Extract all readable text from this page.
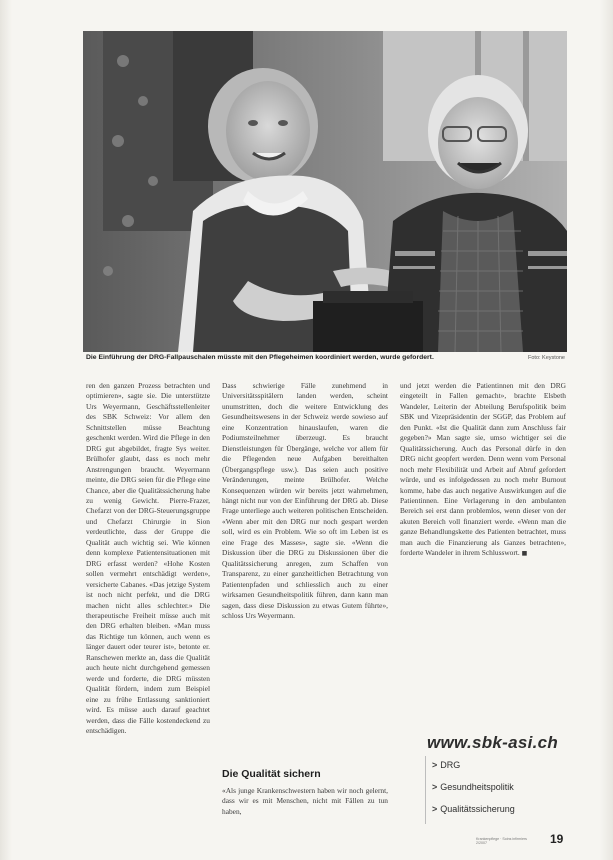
Die Einführung der DRG-Fallpauschalen müsste mit den Pflegeheimen koordiniert werden, wurde gefordert.	Foto: Keystone

ren den ganzen Prozess betrachten und optimieren», sagte sie. Die unterstützte Urs Weyermann, Geschäftsstellenleiter des SBK Schweiz: Vor allem den Schnittstellen müsse Beachtung geschenkt werden. Wird die Pflege in den DRG gut abgebildet, fragte Sys weiter. Brülhofer glaubt, dass es noch mehr Anstrengungen braucht. Weyermann meinte, die DRG seien für die Pflege eine Chance, aber die Qualitätssicherung habe zu wenig Gewicht. Pierre-Frazer, Chefarzt von der DRG-Steuerungsgruppe und Chefarzt Chirurgie in Sion verdeutlichte, dass der Gruppe die Qualität auch wichtig sei. Wie können denn komplexe Patientensituationen mit DRG erfasst werden? «Hohe Kosten sollen vermehrt entschädigt werden», versicherte Cabanes. «Das jetzige System ist noch nicht perfekt, und die DRG machen nicht alles schlechter.» Die therapeutische Freiheit müsse auch mit den DRG erhalten bleiben. «Man muss das Richtige tun können, auch wenn es länger dauert oder teurer ist», betonte er. Ranschewen merkte an, dass die Qualität auch heute nicht durchgehend gemessen werde und forderte, die DRG müssten Qualität fördern, indem zum Beispiel eine zu frühe Entlassung sanktioniert wird. Es müsse auch darauf geachtet werden, dass die Fälle kostendeckend zu entschädigen.

Dass schwierige Fälle zunehmend in Universitätsspitälern landen werden, scheint unumstritten, doch die weitere Entwicklung des Gesundheitswesens in der Schweiz werde sowieso auf eine Konzentration hinauslaufen, waren die Podiumsteilnehmer überzeugt. Es braucht Dienstleistungen für Übergänge, welche vor allem für die Pflegenden neue Aufgaben bereithalten (Übergangspflege usw.). Das seien auch positive Veränderungen, meinte Brülhofer. Welche Konsequenzen würden wir bereits jetzt wahrnehmen, hängt nicht nur von der Einführung der DRG ab. Diese Frage unterliege auch weiteren politischen Entscheiden. «Wenn aber mit den DRG nur noch gespart werden soll, wird es ein Problem. Wie so oft im Leben ist es eine Frage des Masses», sagte sie. «Wenn die Diskussion über die DRG zu Diskussionen über die Qualitätssicherung anregen, zum Schaffen von Transparenz, zu einer ganzheitlichen Betrachtung von Patientenpfaden und schliesslich auch zu einer wirksamen Gesundheitspolitik führen, dann kann man sagen, dass diese Diskussion zu etwas Gutem führte», schloss Urs Weyermann.

Die Qualität sichern

«Als junge Krankenschwestern haben wir noch gelernt, dass wir es mit Menschen, nicht mit Fällen zu tun haben,

und jetzt werden die Patientinnen mit den DRG eingeteilt in Fallen gemacht», brachte Elsbeth Wandeler, Leiterin der Abteilung Berufspolitik beim SBK und Vizepräsidentin der SGGP, das Problem auf den Punkt. «Ist die Qualität dann zum Anschluss fair gegeben?» Man sagte sie, umso wichtiger sei die Qualitätssicherung. Auch das Personal dürfe in den DRG nicht geopfert werden. Denn wenn vom Personal noch mehr Flexibilität und Arbeit auf Abruf gefordert würde, und es infolgedessen zu noch mehr Burnout komme, habe das auch negative Auswirkungen auf die Patientinnen. Eine Verlagerung in den ambulanten Bereich sei erst dann problemlos, wenn dieser von der akuten Bereich voll finanziert werde. «Wenn man die ganze Behandlungskette des Patienten betrachtet, muss man auch die Finanzierung als Ganzes betrachten», forderte Wandeler in ihrem Schlusswort. ■

www.sbk-asi.ch
> DRG
> Gesundheitspolitik
> Qualitätssicherung
Krankenpflege · Soins infirmiers 2/2007	19
